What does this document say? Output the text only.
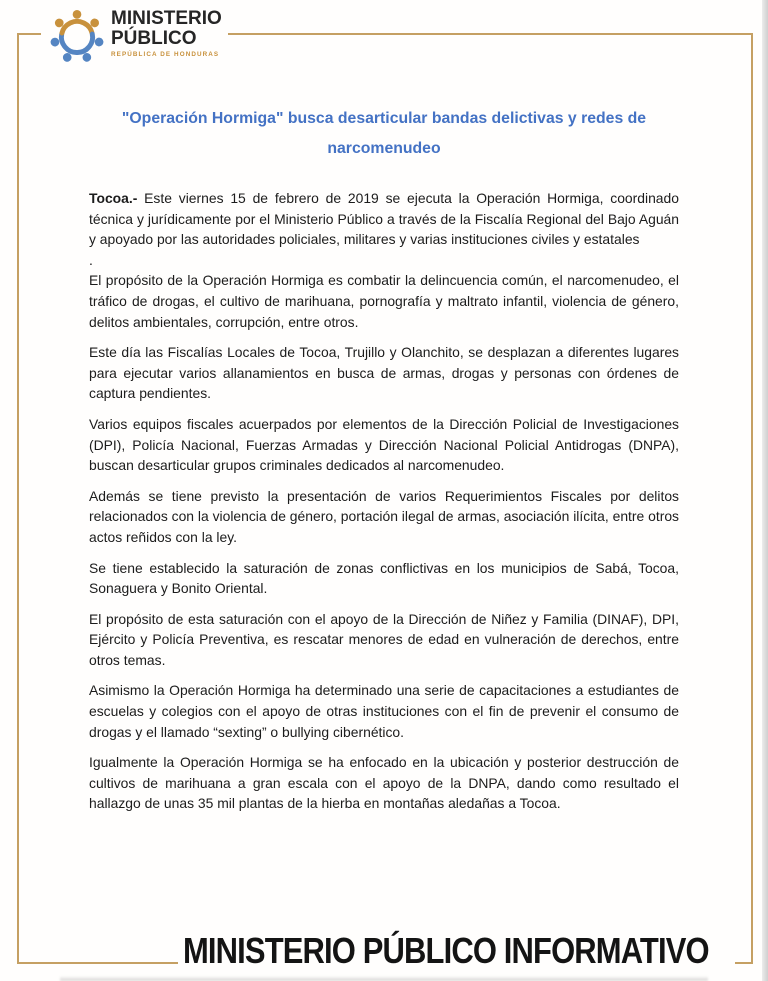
MINISTERIO
PÚBLICO
REPÚBLICA DE HONDURAS
"Operación Hormiga" busca desarticular bandas delictivas y redes de narcomenudeo

Tocoa.- Este viernes 15 de febrero de 2019 se ejecuta la Operación Hormiga, coordinado técnica y jurídicamente por el Ministerio Público a través de la Fiscalía Regional del Bajo Aguán y apoyado por las autoridades policiales, militares y varias instituciones civiles y estatales

.

El propósito de la Operación Hormiga es combatir la delincuencia común, el narcomenudeo, el tráfico de drogas, el cultivo de marihuana, pornografía y maltrato infantil, violencia de género, delitos ambientales, corrupción, entre otros.

Este día las Fiscalías Locales de Tocoa, Trujillo y Olanchito, se desplazan a diferentes lugares para ejecutar varios allanamientos en busca de armas, drogas y personas con órdenes de captura pendientes.

Varios equipos fiscales acuerpados por elementos de la Dirección Policial de Investigaciones (DPI), Policía Nacional, Fuerzas Armadas y Dirección Nacional Policial Antidrogas (DNPA), buscan desarticular grupos criminales dedicados al narcomenudeo.

Además se tiene previsto la presentación de varios Requerimientos Fiscales por delitos relacionados con la violencia de género, portación ilegal de armas, asociación ilícita, entre otros actos reñidos con la ley.

Se tiene establecido la saturación de zonas conflictivas en los municipios de Sabá, Tocoa, Sonaguera y Bonito Oriental.

El propósito de esta saturación con el apoyo de la Dirección de Niñez y Familia (DINAF), DPI, Ejército y Policía Preventiva, es rescatar menores de edad en vulneración de derechos, entre otros temas.

Asimismo la Operación Hormiga ha determinado una serie de capacitaciones a estudiantes de escuelas y colegios con el apoyo de otras instituciones con el fin de prevenir el consumo de drogas y el llamado “sexting” o bullying cibernético.

Igualmente la Operación Hormiga se ha enfocado en la ubicación y posterior destrucción de cultivos de marihuana a gran escala con el apoyo de la DNPA, dando como resultado el hallazgo de unas 35 mil plantas de la hierba en montañas aledañas a Tocoa.

MINISTERIO PÚBLICO INFORMATIVO
